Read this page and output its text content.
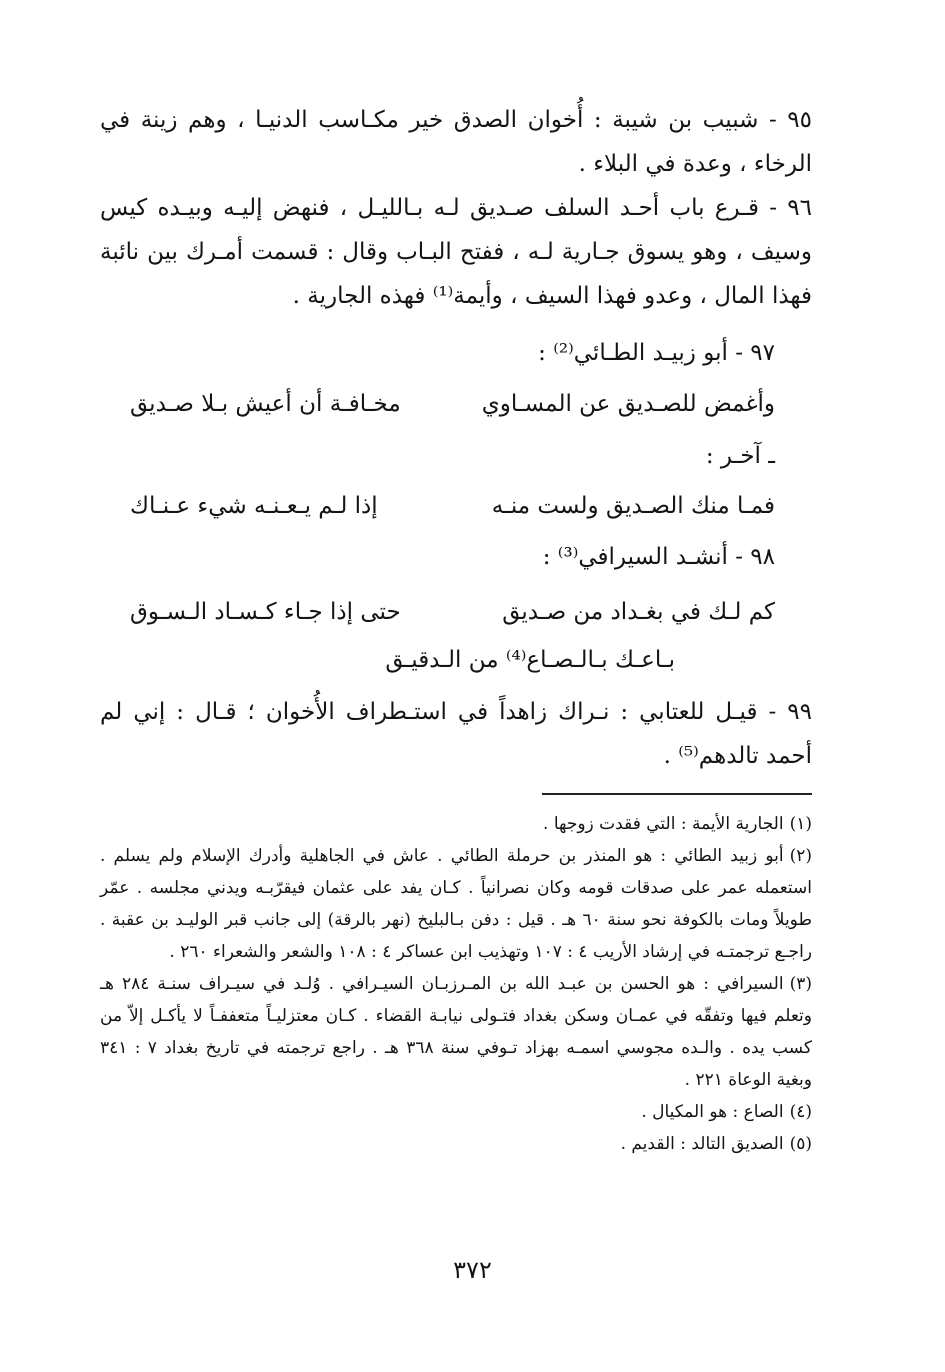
٩٥ - شبيب بن شيبة : أُخوان الصدق خير مكـاسب الدنيـا ، وهم زينة في الرخاء ، وعدة في البلاء .

٩٦ - قـرع باب أحـد السلف صـديق لـه بـالليـل ، فنهض إليـه وبيـده كيس وسيف ، وهو يسوق جـارية لـه ، ففتح البـاب وقال : قسمت أمـرك بين نائبة فهذا المال ، وعدو فهذا السيف ، وأيمة⁽¹⁾ فهذه الجارية .

٩٧ - أبو زبيـد الطـائي⁽²⁾ :

وأغمض للصـديق عن المسـاوي
مخـافـة أن أعيش بـلا صـديق

ـ آخـر :

فمـا منك الصـديق ولست منـه
إذا لـم يـعـنـه شيء عـنـاك

٩٨ - أنشـد السيرافي⁽³⁾ :

كم لـك في بغـداد من صـديق
حتى إذا جـاء كـسـاد الـسـوق
بـاعـك بـالـصـاع⁽⁴⁾ من الـدقيـق

٩٩ - قيـل للعتابي : نـراك زاهداً في استـطراف الأُخوان ؛ قـال : إني لم أحمد تالدهم⁽⁵⁾ .

(١)الجارية الأيمة : التي فقدت زوجها .

(٢)أبو زبيد الطائي : هو المنذر بن حرملة الطائي . عاش في الجاهلية وأدرك الإسلام ولم يسلم . استعمله عمر على صدقات قومه وكان نصرانياً . كـان يفد على عثمان فيقرّبـه ويدني مجلسه . عمّر طويلاً ومات بالكوفة نحو سنة ٦٠ هـ . قيل : دفن بـالبليخ (نهر بالرقة) إلى جانب قبر الوليـد بن عقبة . راجـع ترجمتـه في إرشاد الأريب ٤ : ١٠٧ وتهذيب ابن عساكر ٤ : ١٠٨ والشعر والشعراء ٢٦٠ .

(٣)السيرافي : هو الحسن بن عبـد الله بن المـرزبـان السيـرافي . وُلـد في سيـراف سنـة ٢٨٤ هـ وتعلم فيها وتفقّه في عمـان وسكن بغداد فتـولى نيابـة القضاء . كـان معتزليـاً متعففـاً لا يأكـل إلاّ من كسب يده . والـده مجوسي اسمـه بهزاد تـوفي سنة ٣٦٨ هـ . راجع ترجمته في تاريخ بغداد ٧ : ٣٤١ وبغية الوعاة ٢٢١ .

(٤)الصاع : هو المكيال .

(٥)الصديق التالد : القديم .

٣٧٢
